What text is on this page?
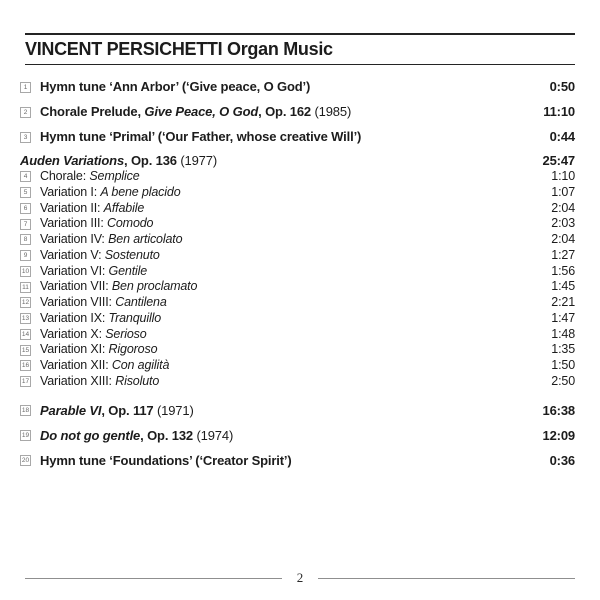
VINCENT PERSICHETTI Organ Music
1 Hymn tune ‘Ann Arbor’ (‘Give peace, O God’)	0:50
2 Chorale Prelude, Give Peace, O God, Op. 162 (1985)	11:10
3 Hymn tune ‘Primal’ (‘Our Father, whose creative Will’)	0:44
Auden Variations, Op. 136 (1977)	25:47
4 Chorale: Semplice	1:10
5 Variation I: A bene placido	1:07
6 Variation II: Affabile	2:04
7 Variation III: Comodo	2:03
8 Variation IV: Ben articolato	2:04
9 Variation V: Sostenuto	1:27
10 Variation VI: Gentile	1:56
11 Variation VII: Ben proclamato	1:45
12 Variation VIII: Cantilena	2:21
13 Variation IX: Tranquillo	1:47
14 Variation X: Serioso	1:48
15 Variation XI: Rigoroso	1:35
16 Variation XII: Con agilità	1:50
17 Variation XIII: Risoluto	2:50
18 Parable VI, Op. 117 (1971)	16:38
19 Do not go gentle, Op. 132 (1974)	12:09
20 Hymn tune ‘Foundations’ (‘Creator Spirit’)	0:36
2
